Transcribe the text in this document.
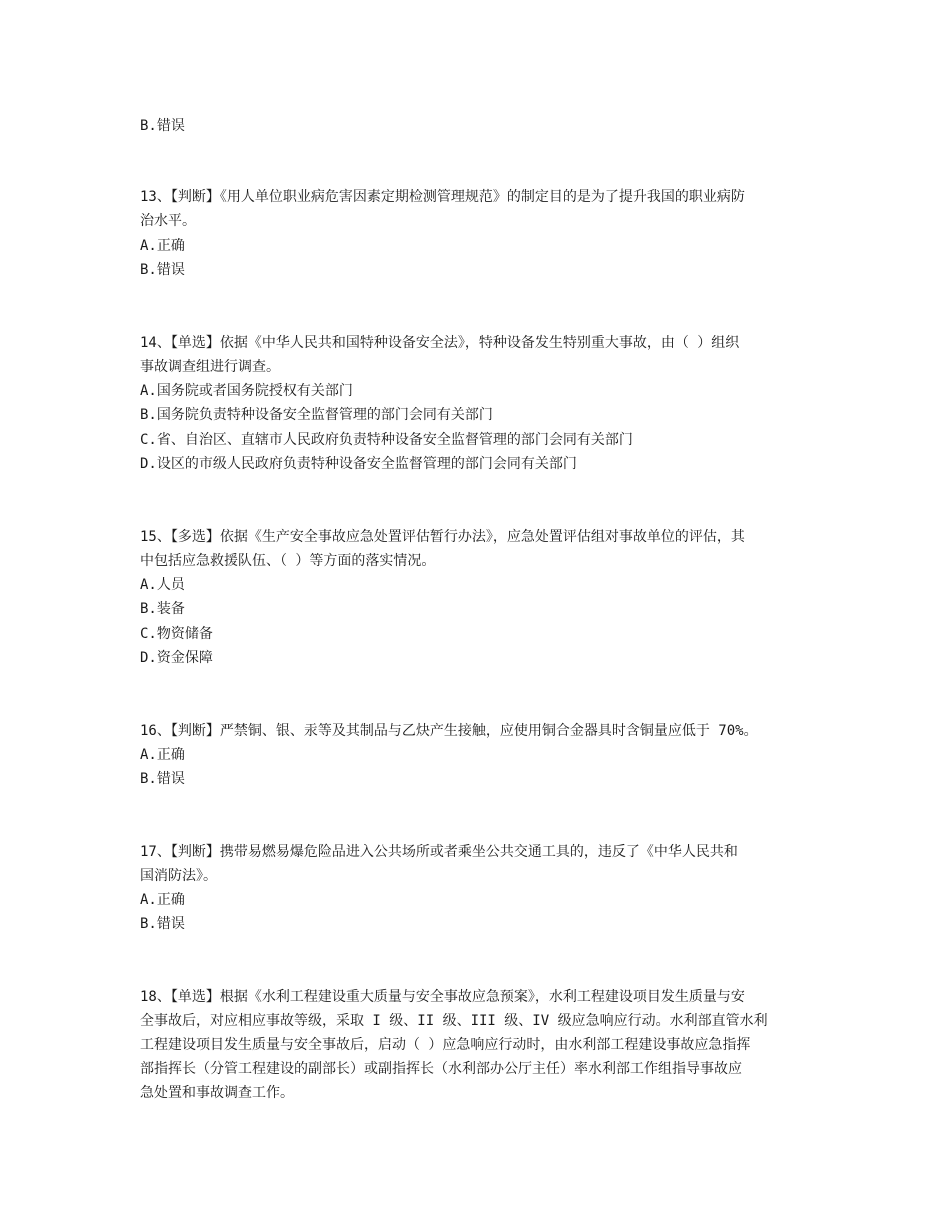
B.错误
13、【判断】《用人单位职业病危害因素定期检测管理规范》的制定目的是为了提升我国的职业病防
治水平。
A.正确
B.错误
14、【单选】依据《中华人民共和国特种设备安全法》，特种设备发生特别重大事故，由（ ）组织
事故调查组进行调查。
A.国务院或者国务院授权有关部门
B.国务院负责特种设备安全监督管理的部门会同有关部门
C.省、自治区、直辖市人民政府负责特种设备安全监督管理的部门会同有关部门
D.设区的市级人民政府负责特种设备安全监督管理的部门会同有关部门
15、【多选】依据《生产安全事故应急处置评估暂行办法》，应急处置评估组对事故单位的评估，其
中包括应急救援队伍、（ ）等方面的落实情况。
A.人员
B.装备
C.物资储备
D.资金保障
16、【判断】严禁铜、银、汞等及其制品与乙炔产生接触，应使用铜合金器具时含铜量应低于 70%。
A.正确
B.错误
17、【判断】携带易燃易爆危险品进入公共场所或者乘坐公共交通工具的，违反了《中华人民共和
国消防法》。
A.正确
B.错误
18、【单选】根据《水利工程建设重大质量与安全事故应急预案》，水利工程建设项目发生质量与安
全事故后，对应相应事故等级，采取 I 级、II 级、III 级、IV 级应急响应行动。水利部直管水利
工程建设项目发生质量与安全事故后，启动（ ）应急响应行动时，由水利部工程建设事故应急指挥
部指挥长（分管工程建设的副部长）或副指挥长（水利部办公厅主任）率水利部工作组指导事故应
急处置和事故调查工作。
